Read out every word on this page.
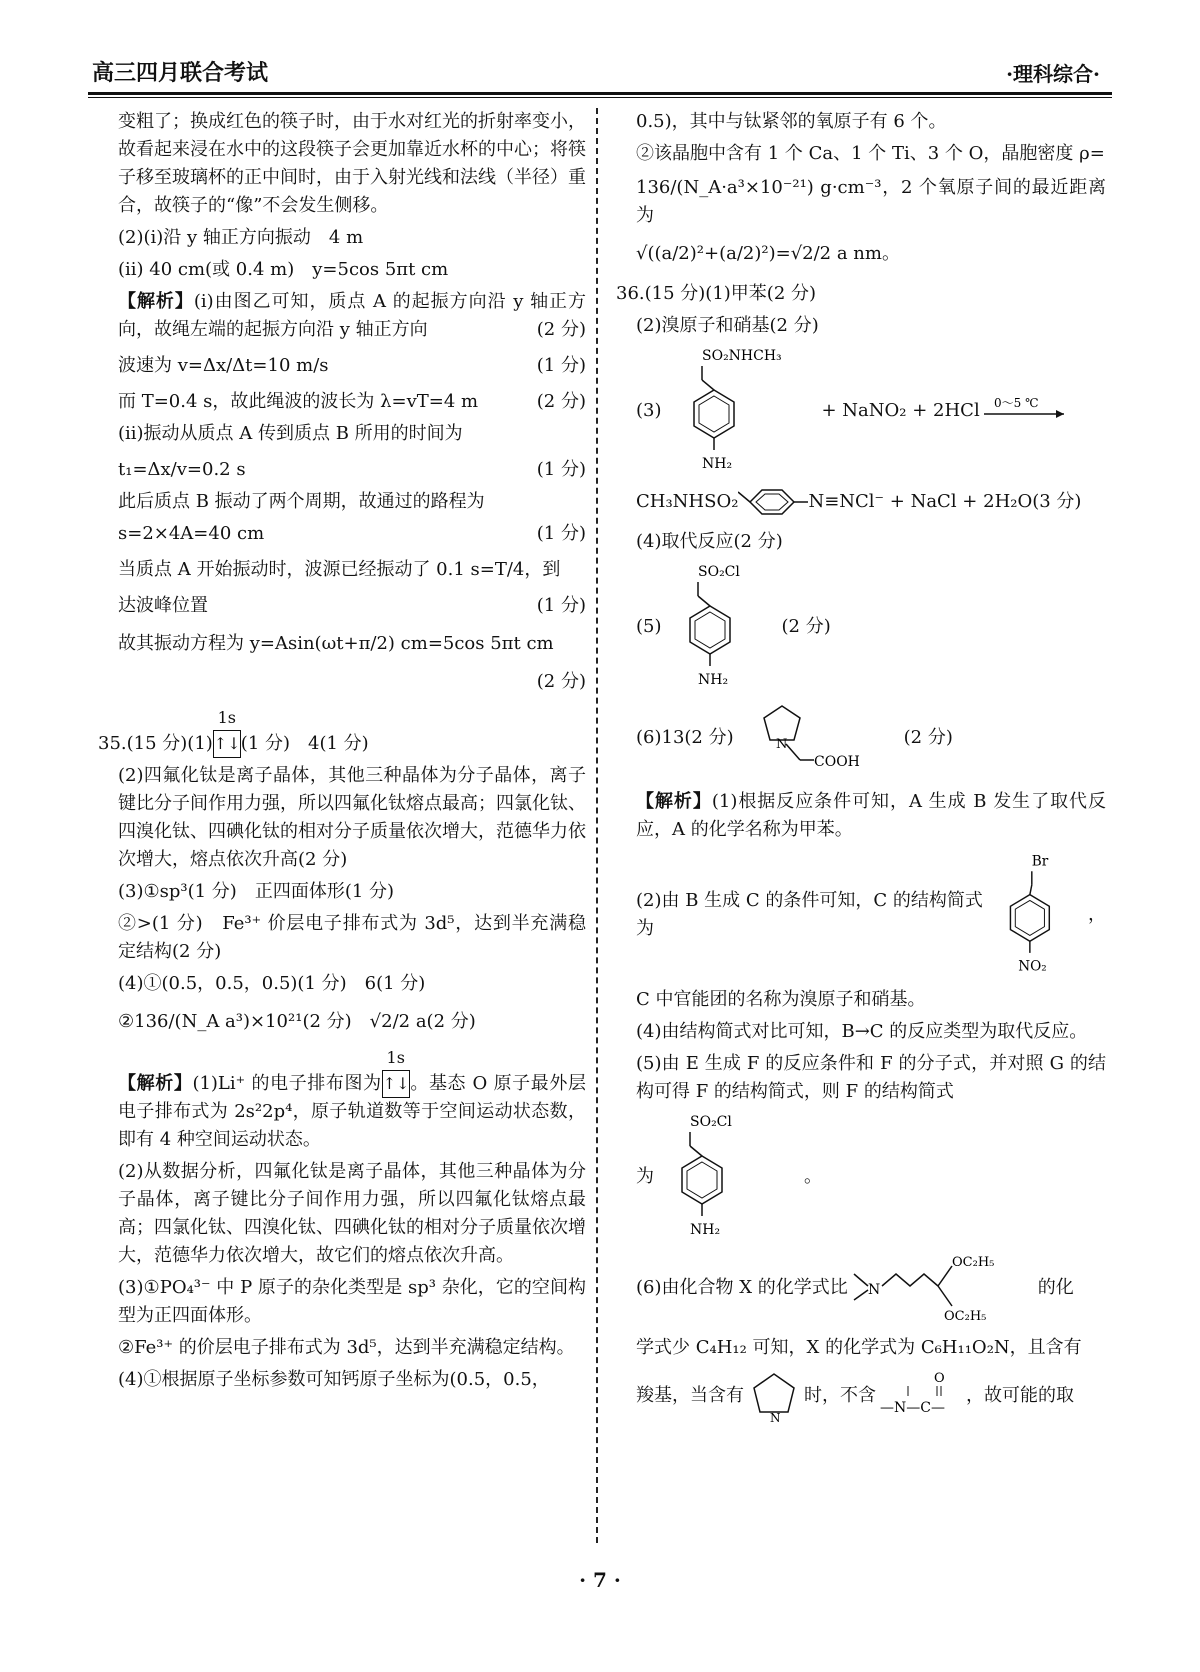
高三四月联合考试	·理科综合·
变粗了；换成红色的筷子时，由于水对红光的折射率变小，故看起来浸在水中的这段筷子会更加靠近水杯的中心；将筷子移至玻璃杯的正中间时，由于入射光线和法线（半径）重合，故筷子的“像”不会发生侧移。
(2)(i)沿 y 轴正方向振动　4 m
(ii) 40 cm(或 0.4 m)　y=5cos 5πt cm
【解析】(i)由图乙可知，质点 A 的起振方向沿 y 轴正方向，故绳左端的起振方向沿 y 轴正方向	(2 分)
波速为 v=Δx/Δt=10 m/s	(1 分)
而 T=0.4 s，故此绳波的波长为 λ=vT=4 m	(2 分)
(ii)振动从质点 A 传到质点 B 所用的时间为
t₁=Δx/v=0.2 s	(1 分)
此后质点 B 振动了两个周期，故通过的路程为
s=2×4A=40 cm	(1 分)
当质点 A 开始振动时，波源已经振动了 0.1 s=T/4，到
达波峰位置	(1 分)
故其振动方程为 y=Asin(ωt+π/2) cm=5cos 5πt cm
(2 分)
35.(15 分)(1)
1s
↑↓(1 分)　4(1 分)
(2)四氟化钛是离子晶体，其他三种晶体为分子晶体，离子键比分子间作用力强，所以四氟化钛熔点最高；四氯化钛、四溴化钛、四碘化钛的相对分子质量依次增大，范德华力依次增大，熔点依次升高(2 分)
(3)①sp³(1 分)　正四面体形(1 分)
②>(1 分)　Fe³⁺ 价层电子排布式为 3d⁵，达到半充满稳定结构(2 分)
(4)①(0.5，0.5，0.5)(1 分)　6(1 分)
②136/(N_A a³)×10²¹(2 分)　√2/2 a(2 分)
【解析】(1)Li⁺ 的电子排布图为
1s
↑↓。基态 O 原子最外层电子排布式为 2s²2p⁴，原子轨道数等于空间运动状态数，即有 4 种空间运动状态。
(2)从数据分析，四氟化钛是离子晶体，其他三种晶体为分子晶体，离子键比分子间作用力强，所以四氟化钛熔点最高；四氯化钛、四溴化钛、四碘化钛的相对分子质量依次增大，范德华力依次增大，故它们的熔点依次升高。
(3)①PO₄³⁻ 中 P 原子的杂化类型是 sp³ 杂化，它的空间构型为正四面体形。
②Fe³⁺ 的价层电子排布式为 3d⁵，达到半充满稳定结构。
(4)①根据原子坐标参数可知钙原子坐标为(0.5，0.5，
0.5)，其中与钛紧邻的氧原子有 6 个。
②该晶胞中含有 1 个 Ca、1 个 Ti、3 个 O，晶胞密度 ρ=
136/(N_A·a³×10⁻²¹) g·cm⁻³，2 个氧原子间的最近距离为
√((a/2)²+(a/2)²)=√2/2 a nm。
36.(15 分)(1)甲苯(2 分)
(2)溴原子和硝基(2 分)
(3)
SO₂NHCH₃
NH₂
+ NaNO₂ + 2HCl 0～5 ℃
CH₃NHSO₂	N≡NCl⁻ + NaCl + 2H₂O(3 分)
(4)取代反应(2 分)
(5)
SO₂Cl
NH₂
(2 分)
(6)13(2 分)	N
COOH
(2 分)
【解析】(1)根据反应条件可知，A 生成 B 发生了取代反应，A 的化学名称为甲苯。
(2)由 B 生成 C 的条件可知，C 的结构简式为
Br
NO₂
，
C 中官能团的名称为溴原子和硝基。
(4)由结构简式对比可知，B→C 的反应类型为取代反应。
(5)由 E 生成 F 的反应条件和 F 的分子式，并对照 G 的结构可得 F 的结构简式，则 F 的结构简式
为
SO₂Cl
NH₂
。
(6)由化合物 X 的化学式比 N
OC₂H₅
OC₂H₅
的化
学式少 C₄H₁₂ 可知，X 的化学式为 C₆H₁₁O₂N，且含有
羧基，当含有
N
时，不含
O
—N—C—
，故可能的取
· 7 ·
